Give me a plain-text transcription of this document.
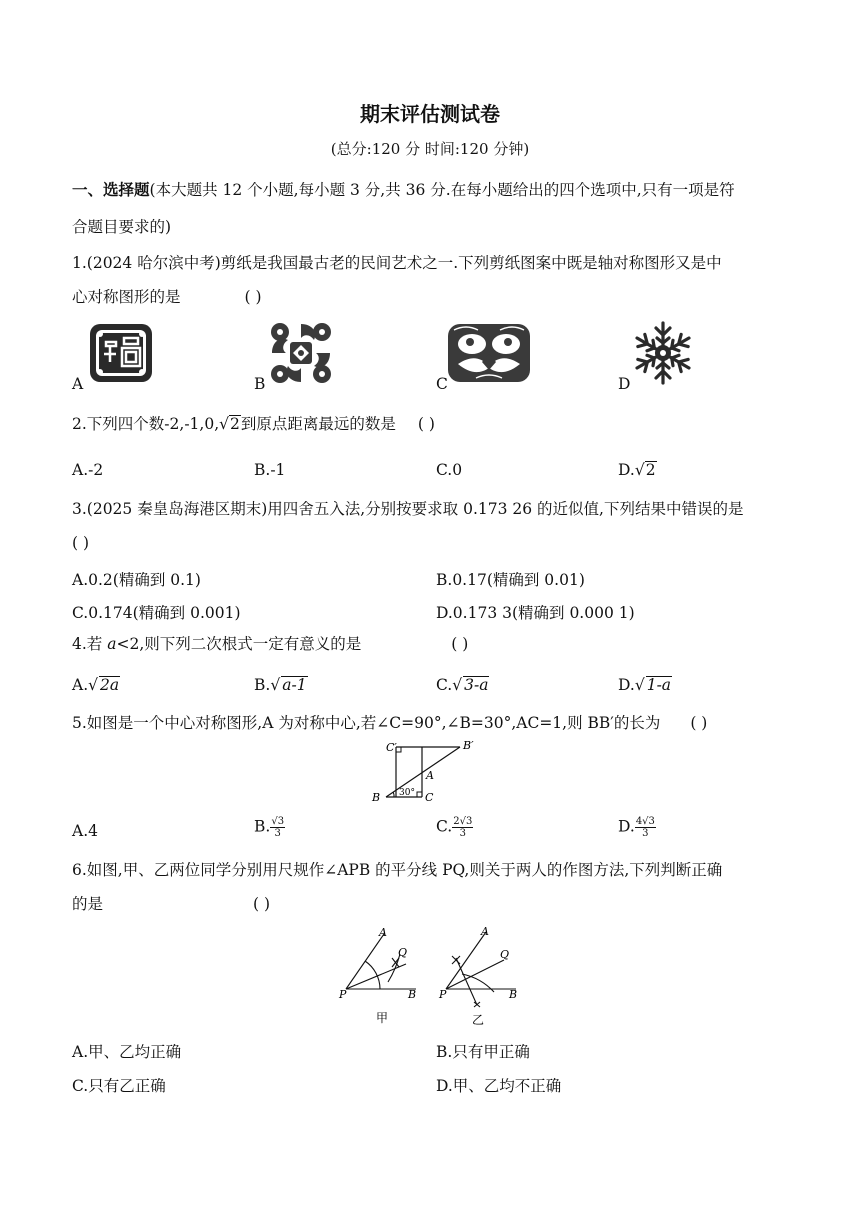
期末评估测试卷
(总分:120 分 时间:120 分钟)
一、选择题(本大题共 12 个小题,每小题 3 分,共 36 分.在每小题给出的四个选项中,只有一项是符
合题目要求的)
1.(2024 哈尔滨中考)剪纸是我国最古老的民间艺术之一.下列剪纸图案中既是轴对称图形又是中
心对称图形的是	( )
A	B	C	D
2.下列四个数-2,-1,0,√2到原点距离最远的数是 ( )
A.-2	B.-1	C.0	D.√2
3.(2025 秦皇岛海港区期末)用四舍五入法,分别按要求取 0.173 26 的近似值,下列结果中错误的是
( )
A.0.2(精确到 0.1)	B.0.17(精确到 0.01)
C.0.174(精确到 0.001)	D.0.173 3(精确到 0.000 1)
4.若 a<2,则下列二次根式一定有意义的是	( )
A.√ 2a	B.√ a-1	C.√ 3-a	D.√ 1-a
5.如图是一个中心对称图形,A 为对称中心,若∠C=90°,∠B=30°,AC=1,则 BB′的长为 ( )
C′	B′
A
B	C
30°
A.4	B. $\frac{√3}{3}$	C. $\frac{2√3}{3}$	D. $\frac{4√3}{3}$
6.如图,甲、乙两位同学分别用尺规作∠APB 的平分线 PQ,则关于两人的作图方法,下列判断正确
的是	( )
A
Q
P	B
甲
A
Q
P	B
乙
A.甲、乙均正确	B.只有甲正确
C.只有乙正确	D.甲、乙均不正确
